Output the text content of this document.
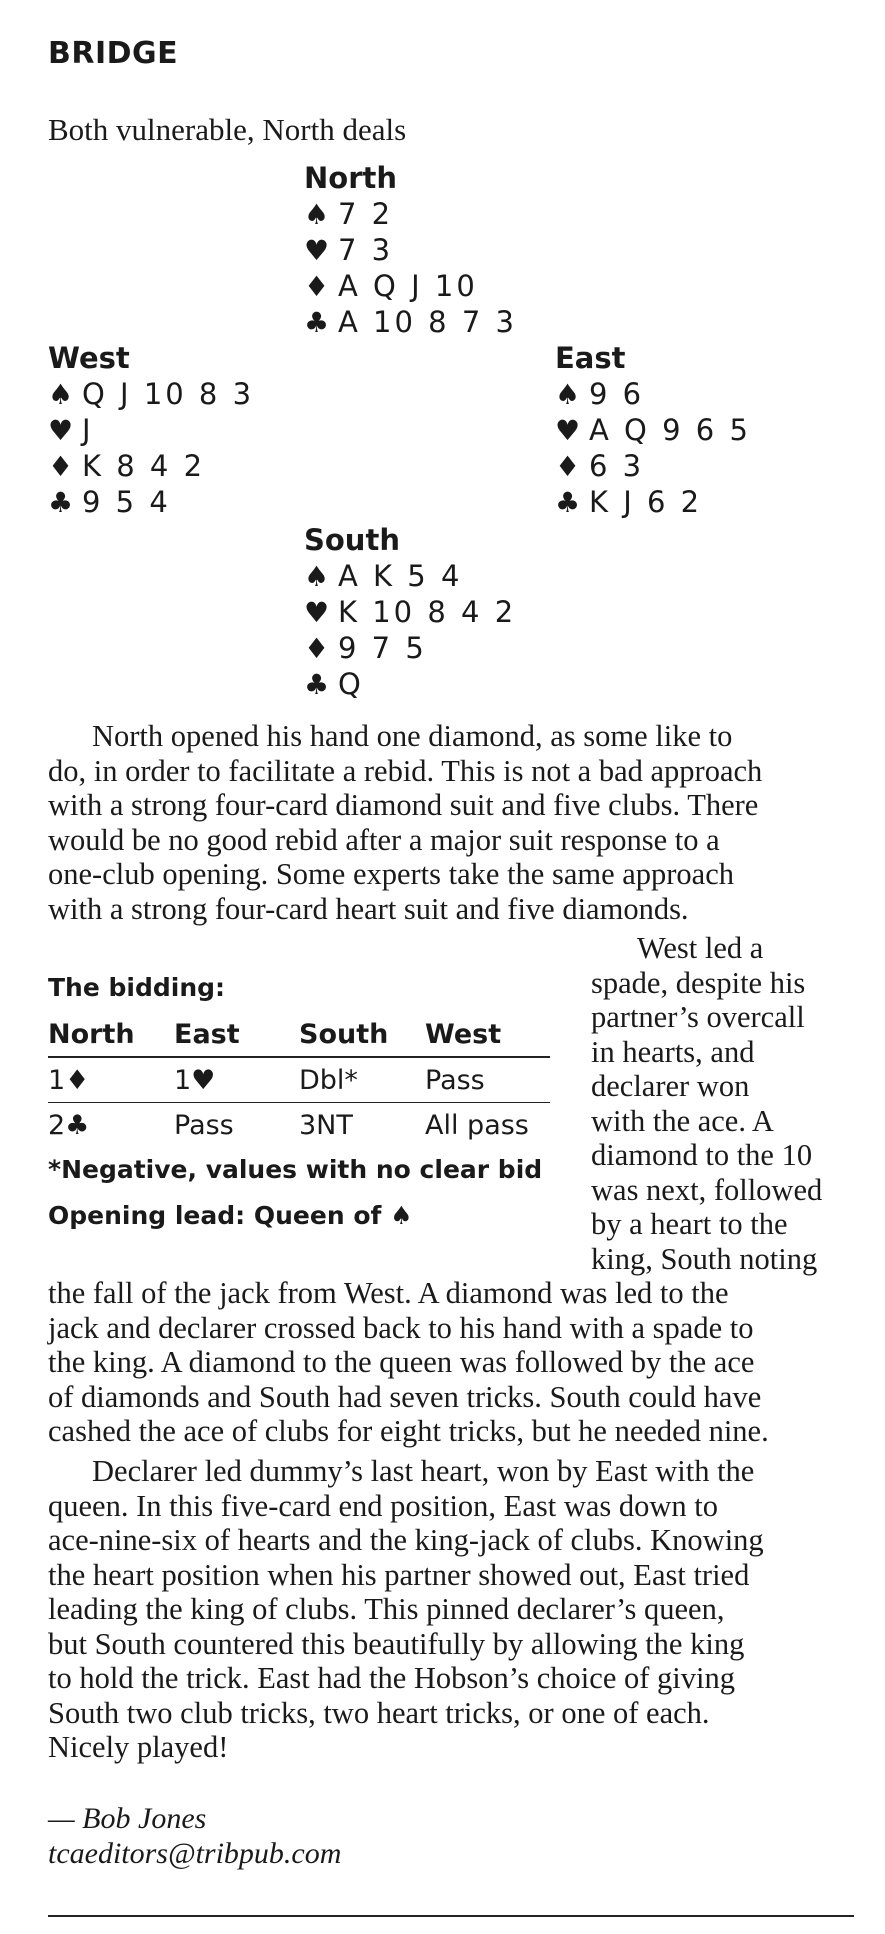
BRIDGE
Both vulnerable, North deals
North
♠ 7 2
♥ 7 3
♦ A Q J 10
♣ A 10 8 7 3
West
♠ Q J 10 8 3
♥ J
♦ K 8 4 2
♣ 9 5 4
East
♠ 9 6
♥ A Q 9 6 5
♦ 6 3
♣ K J 6 2
South
♠ A K 5 4
♥ K 10 8 4 2
♦ 9 7 5
♣ Q
North opened his hand one diamond, as some like to
do, in order to facilitate a rebid. This is not a bad approach
with a strong four-card diamond suit and five clubs. There
would be no good rebid after a major suit response to a
one-club opening. Some experts take the same approach
with a strong four-card heart suit and five diamonds.
The bidding:
North	East	South	West
1♦	1♥	Dbl*	Pass
2♣	Pass	3NT	All pass
*Negative, values with no clear bid
Opening lead: Queen of ♠
West led a
spade, despite his
partner’s overcall
in hearts, and
declarer won
with the ace. A
diamond to the 10
was next, followed
by a heart to the
king, South noting
the fall of the jack from West. A diamond was led to the
jack and declarer crossed back to his hand with a spade to
the king. A diamond to the queen was followed by the ace
of diamonds and South had seven tricks. South could have
cashed the ace of clubs for eight tricks, but he needed nine.
Declarer led dummy’s last heart, won by East with the
queen. In this five-card end position, East was down to
ace-nine-six of hearts and the king-jack of clubs. Knowing
the heart position when his partner showed out, East tried
leading the king of clubs. This pinned declarer’s queen,
but South countered this beautifully by allowing the king
to hold the trick. East had the Hobson’s choice of giving
South two club tricks, two heart tricks, or one of each.
Nicely played!
— Bob Jones
tcaeditors@tribpub.com
